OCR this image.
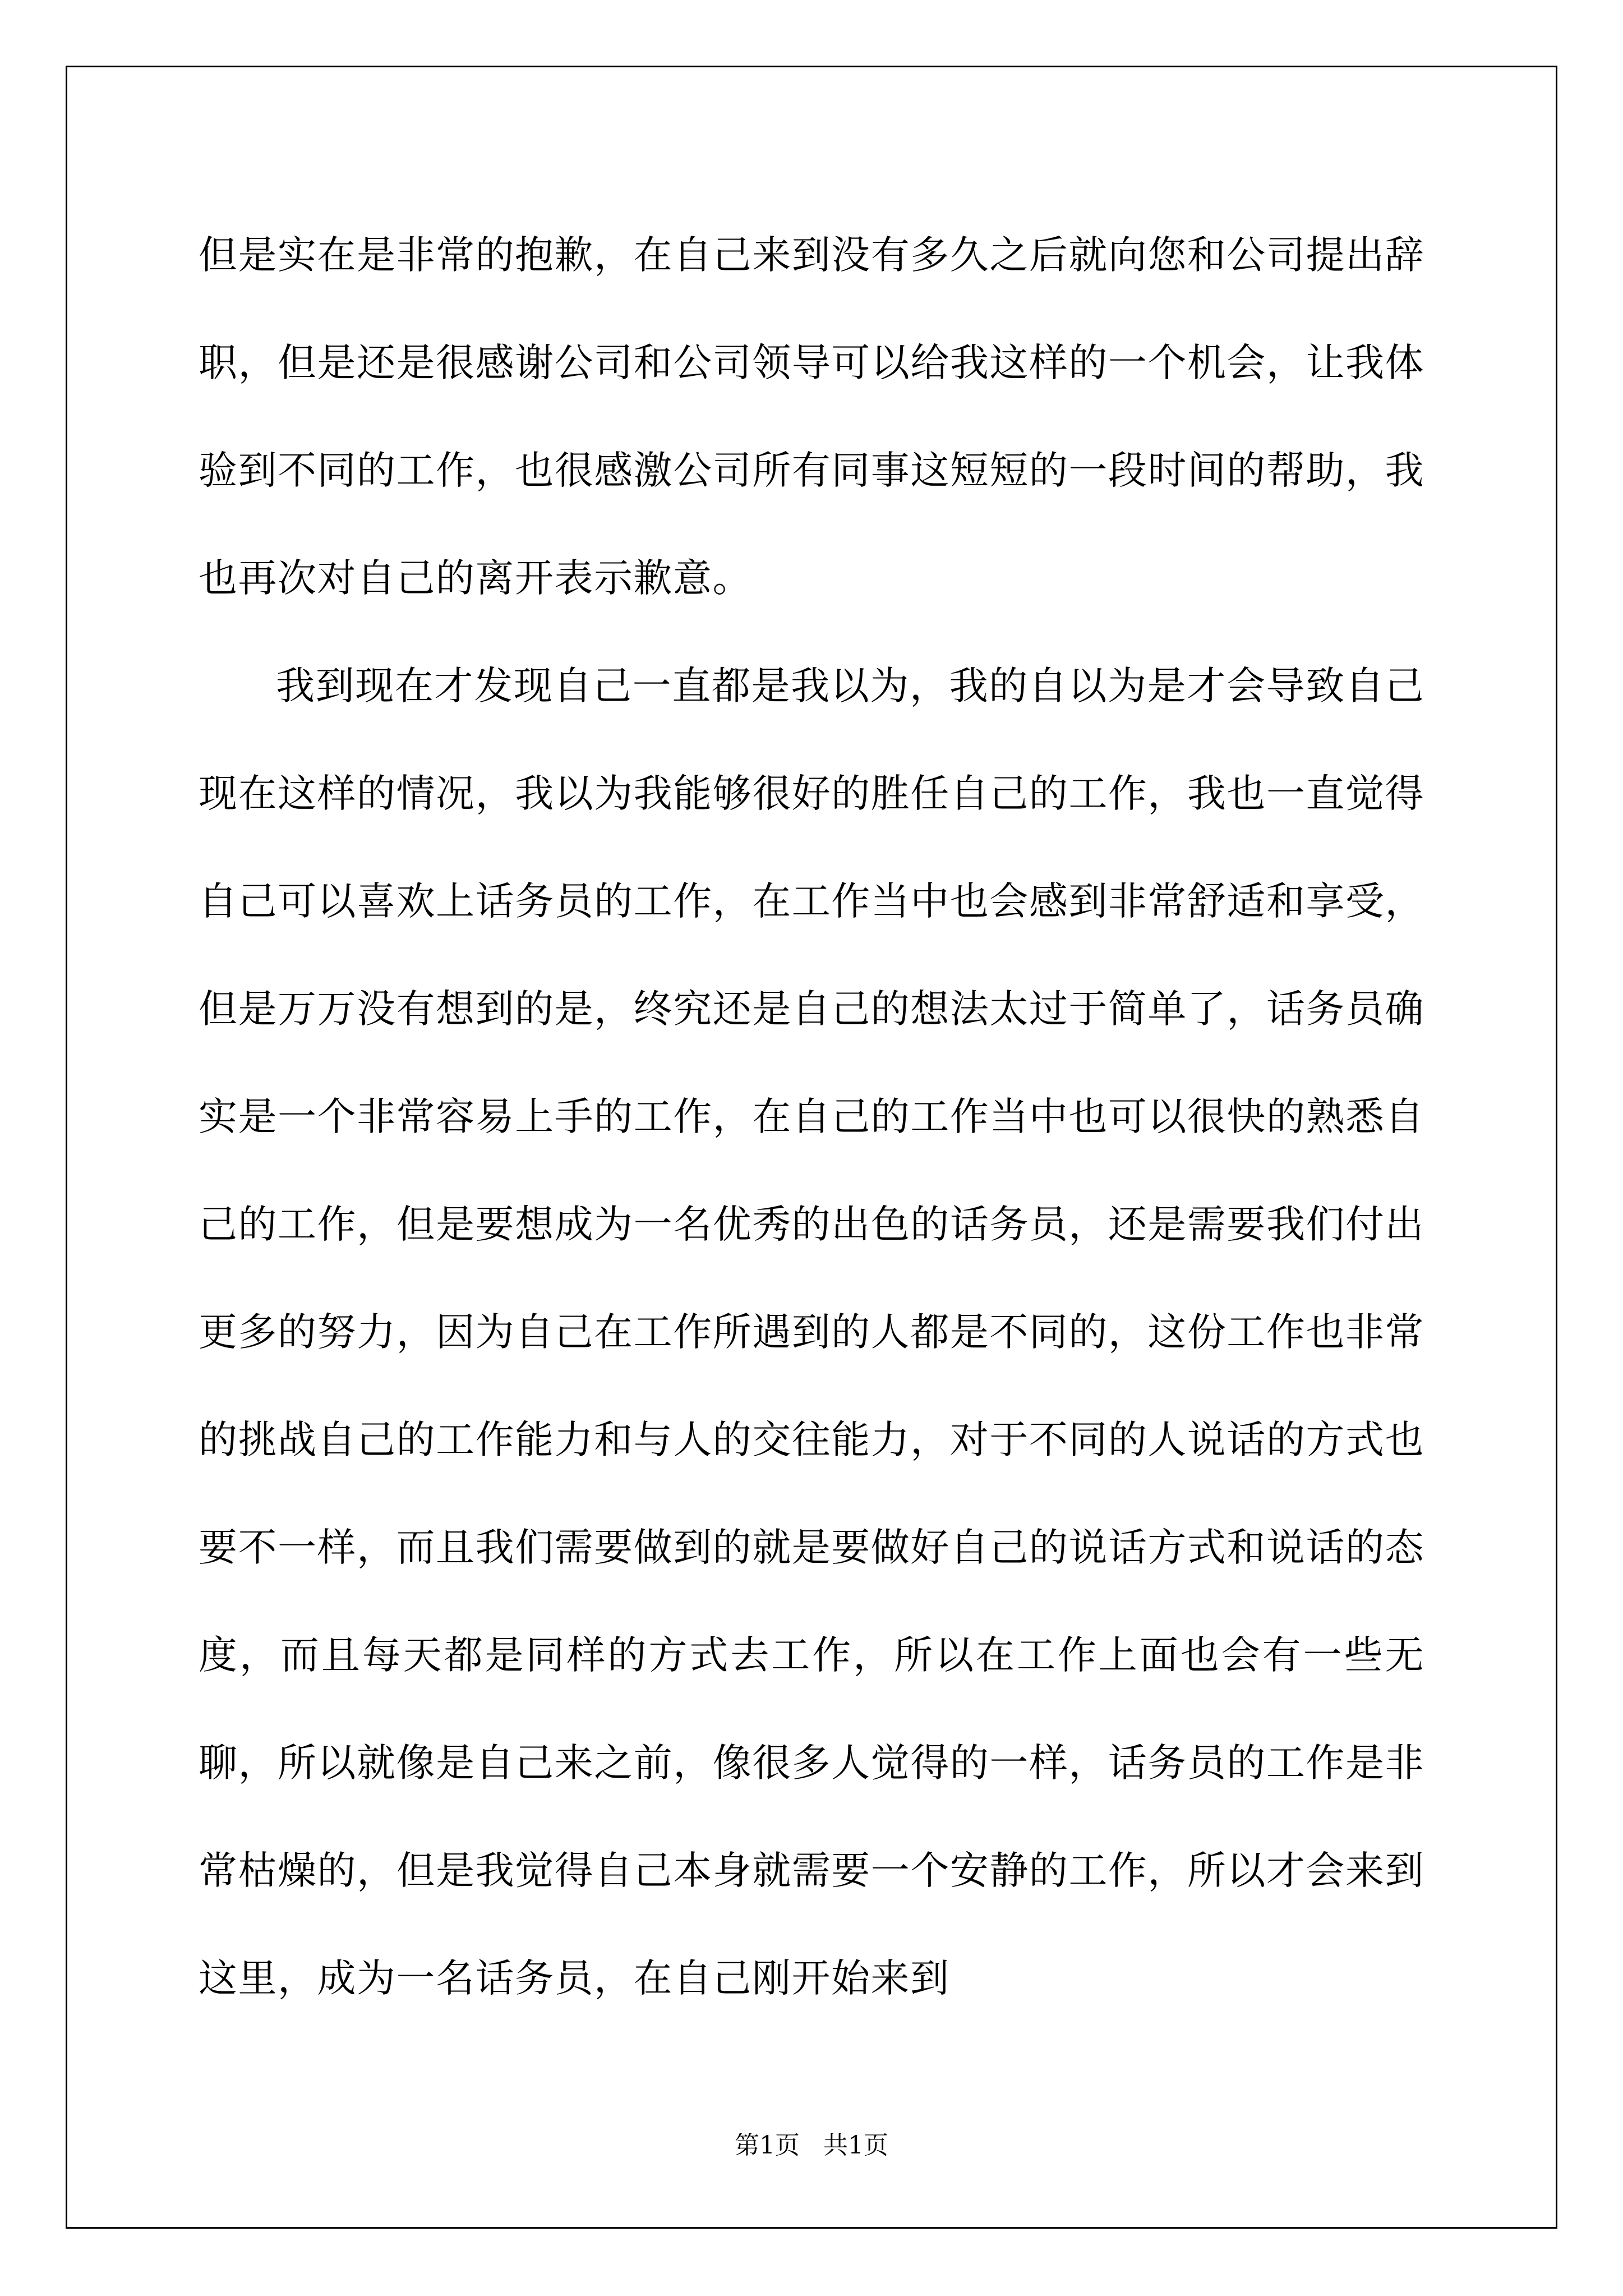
但是实在是非常的抱歉，在自己来到没有多久之后就向您和公司提出辞职，但是还是很感谢公司和公司领导可以给我这样的一个机会，让我体验到不同的工作，也很感激公司所有同事这短短的一段时间的帮助，我也再次对自己的离开表示歉意。

我到现在才发现自己一直都是我以为，我的自以为是才会导致自己现在这样的情况，我以为我能够很好的胜任自己的工作，我也一直觉得自己可以喜欢上话务员的工作，在工作当中也会感到非常舒适和享受，但是万万没有想到的是，终究还是自己的想法太过于简单了，话务员确实是一个非常容易上手的工作，在自己的工作当中也可以很快的熟悉自己的工作，但是要想成为一名优秀的出色的话务员，还是需要我们付出更多的努力，因为自己在工作所遇到的人都是不同的，这份工作也非常的挑战自己的工作能力和与人的交往能力，对于不同的人说话的方式也要不一样，而且我们需要做到的就是要做好自己的说话方式和说话的态度，而且每天都是同样的方式去工作，所以在工作上面也会有一些无聊，所以就像是自己来之前，像很多人觉得的一样，话务员的工作是非常枯燥的，但是我觉得自己本身就需要一个安静的工作，所以才会来到这里，成为一名话务员，在自己刚开始来到

第1页   共1页
